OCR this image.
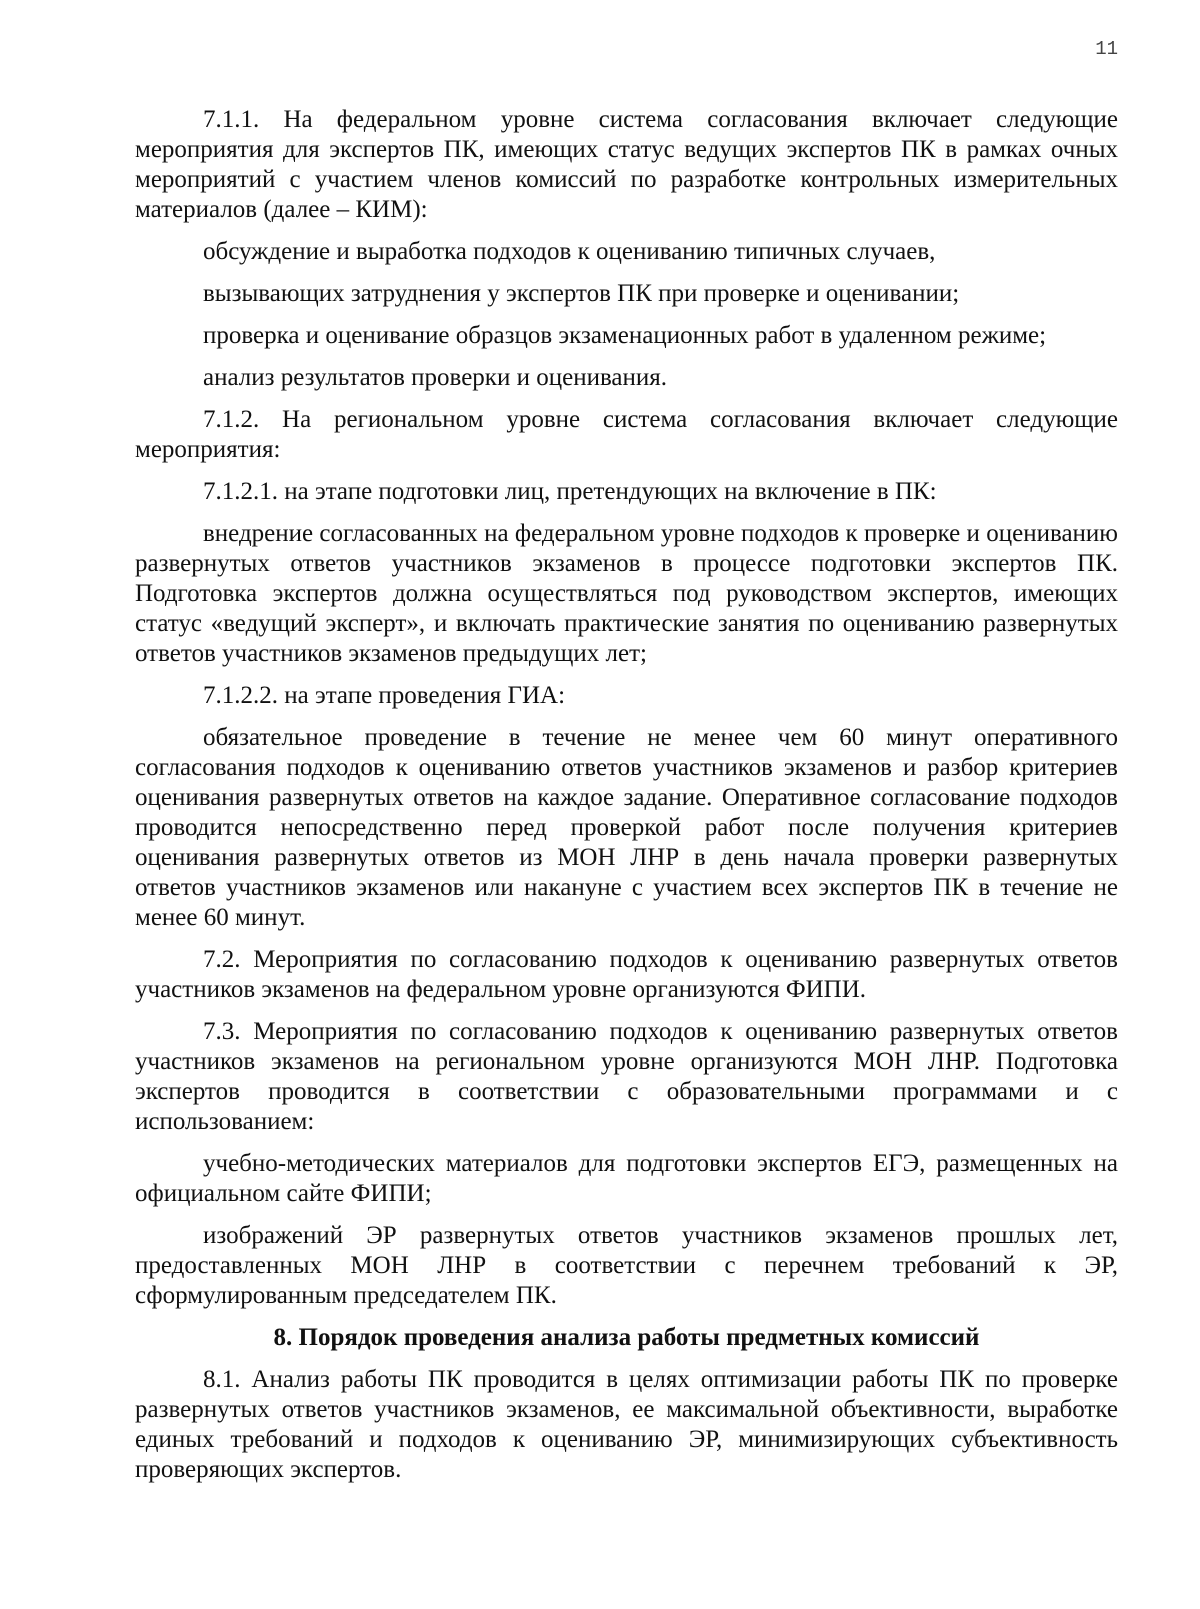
11

7.1.1. На федеральном уровне система согласования включает следующие мероприятия для экспертов ПК, имеющих статус ведущих экспертов ПК в рамках очных мероприятий с участием членов комиссий по разработке контрольных измерительных материалов (далее – КИМ):

обсуждение и выработка подходов к оцениванию типичных случаев,

вызывающих затруднения у экспертов ПК при проверке и оценивании;

проверка и оценивание образцов экзаменационных работ в удаленном режиме;

анализ результатов проверки и оценивания.

7.1.2. На региональном уровне система согласования включает следующие мероприятия:

7.1.2.1. на этапе подготовки лиц, претендующих на включение в ПК:

внедрение согласованных на федеральном уровне подходов к проверке и оцениванию развернутых ответов участников экзаменов в процессе подготовки экспертов ПК. Подготовка экспертов должна осуществляться под руководством экспертов, имеющих статус «ведущий эксперт», и включать практические занятия по оцениванию развернутых ответов участников экзаменов предыдущих лет;

7.1.2.2. на этапе проведения ГИА:

обязательное проведение в течение не менее чем 60 минут оперативного согласования подходов к оцениванию ответов участников экзаменов и разбор критериев оценивания развернутых ответов на каждое задание. Оперативное согласование подходов проводится непосредственно перед проверкой работ после получения критериев оценивания развернутых ответов из МОН ЛНР в день начала проверки развернутых ответов участников экзаменов или накануне с участием всех экспертов ПК в течение не менее 60 минут.

7.2. Мероприятия по согласованию подходов к оцениванию развернутых ответов участников экзаменов на федеральном уровне организуются ФИПИ.

7.3. Мероприятия по согласованию подходов к оцениванию развернутых ответов участников экзаменов на региональном уровне организуются МОН ЛНР. Подготовка экспертов проводится в соответствии с образовательными программами и с использованием:

учебно-методических материалов для подготовки экспертов ЕГЭ, размещенных на официальном сайте ФИПИ;

изображений ЭР развернутых ответов участников экзаменов прошлых лет, предоставленных МОН ЛНР в соответствии с перечнем требований к ЭР, сформулированным председателем ПК.

8. Порядок проведения анализа работы предметных комиссий

8.1. Анализ работы ПК проводится в целях оптимизации работы ПК по проверке развернутых ответов участников экзаменов, ее максимальной объективности, выработке единых требований и подходов к оцениванию ЭР, минимизирующих субъективность проверяющих экспертов.
